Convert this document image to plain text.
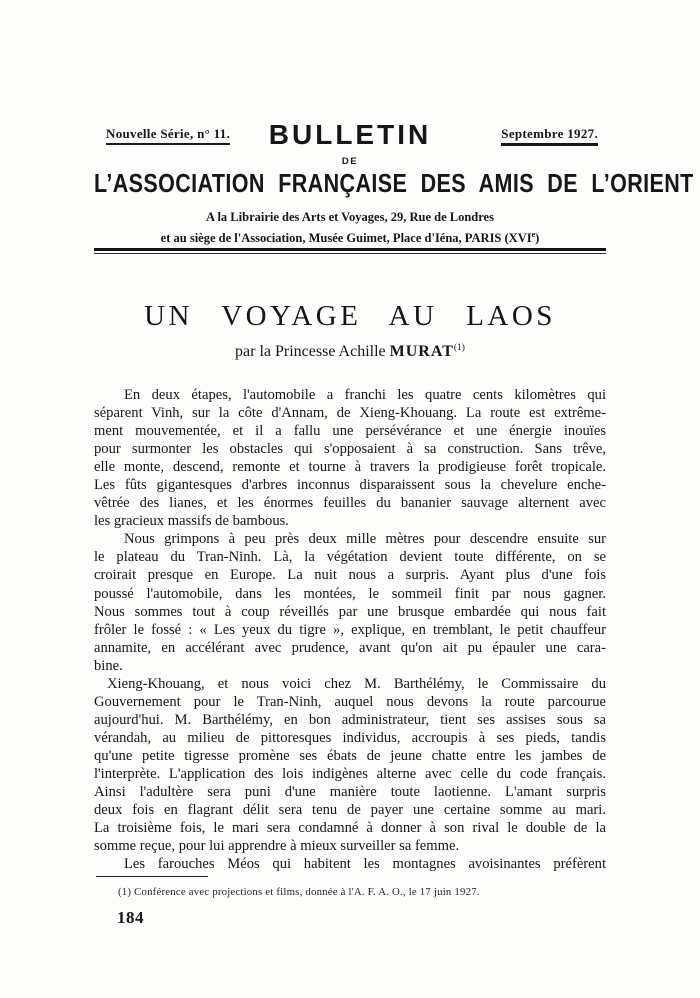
Nouvelle Série, n° 11.	BULLETIN	Septembre 1927.
DE
L’ASSOCIATION FRANÇAISE DES AMIS DE L’ORIENT
A la Librairie des Arts et Voyages, 29, Rue de Londres
et au siège de l'Association, Musée Guimet, Place d'Iéna, PARIS (XVIe)
UN VOYAGE AU LAOS
par la Princesse Achille MURAT$^{(1)}$
En deux étapes, l'automobile a franchi les quatre cents kilomètres qui
séparent Vinh, sur la côte d'Annam, de Xieng-Khouang. La route est extrême-
ment mouvementée, et il a fallu une persévérance et une énergie inouïes
pour surmonter les obstacles qui s'opposaient à sa construction. Sans trêve,
elle monte, descend, remonte et tourne à travers la prodigieuse forêt tropicale.
Les fûts gigantesques d'arbres inconnus disparaissent sous la chevelure enche-
vêtrée des lianes, et les énormes feuilles du bananier sauvage alternent avec
les gracieux massifs de bambous.
Nous grimpons à peu près deux mille mètres pour descendre ensuite sur
le plateau du Tran-Ninh. Là, la végétation devient toute différente, on se
croirait presque en Europe. La nuit nous a surpris. Ayant plus d'une fois
poussé l'automobile, dans les montées, le sommeil finit par nous gagner.
Nous sommes tout à coup réveillés par une brusque embardée qui nous fait
frôler le fossé : « Les yeux du tigre », explique, en tremblant, le petit chauffeur
annamite, en accélérant avec prudence, avant qu'on ait pu épauler une cara-
bine.
Xieng-Khouang, et nous voici chez M. Barthélémy, le Commissaire du
Gouvernement pour le Tran-Ninh, auquel nous devons la route parcourue
aujourd'hui. M. Barthélémy, en bon administrateur, tient ses assises sous sa
vérandah, au milieu de pittoresques individus, accroupis à ses pieds, tandis
qu'une petite tigresse promène ses ébats de jeune chatte entre les jambes de
l'interprète. L'application des lois indigènes alterne avec celle du code français.
Ainsi l'adultère sera puni d'une manière toute laotienne. L'amant surpris
deux fois en flagrant délit sera tenu de payer une certaine somme au mari.
La troisième fois, le mari sera condamné à donner à son rival le double de la
somme reçue, pour lui apprendre à mieux surveiller sa femme.
Les farouches Méos qui habitent les montagnes avoisinantes préfèrent
(1) Conférence avec projections et films, donnée à l'A. F. A. O., le 17 juin 1927.
184
